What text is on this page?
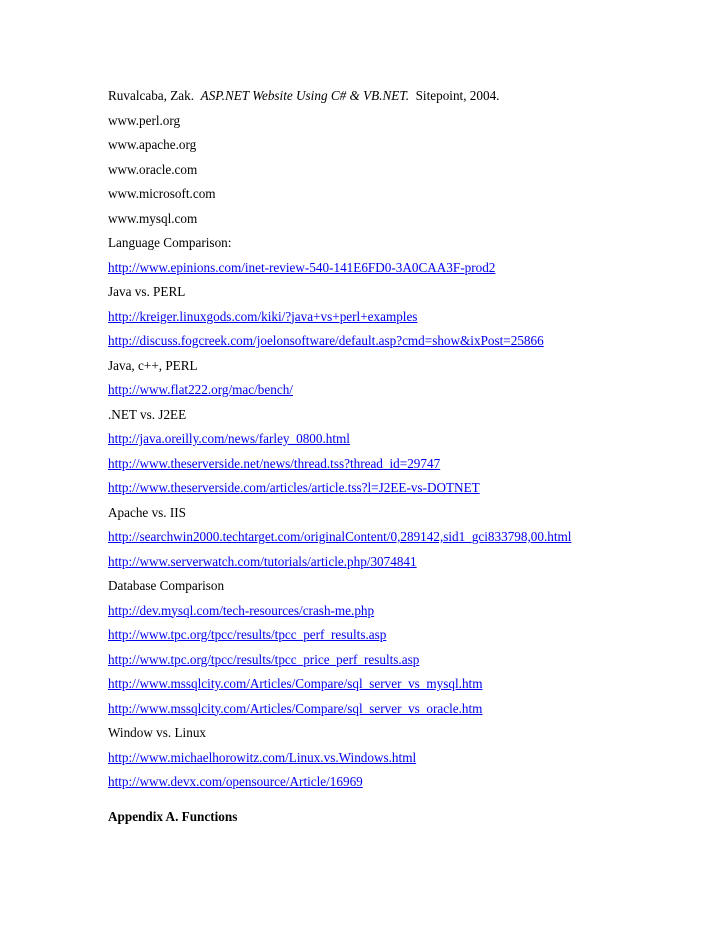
Ruvalcaba, Zak. ASP.NET Website Using C# & VB.NET. Sitepoint, 2004.
www.perl.org
www.apache.org
www.oracle.com
www.microsoft.com
www.mysql.com
Language Comparison:
http://www.epinions.com/inet-review-540-141E6FD0-3A0CAA3F-prod2
Java vs. PERL
http://kreiger.linuxgods.com/kiki/?java+vs+perl+examples
http://discuss.fogcreek.com/joelonsoftware/default.asp?cmd=show&ixPost=25866
Java, c++, PERL
http://www.flat222.org/mac/bench/
.NET vs. J2EE
http://java.oreilly.com/news/farley_0800.html
http://www.theserverside.net/news/thread.tss?thread_id=29747
http://www.theserverside.com/articles/article.tss?l=J2EE-vs-DOTNET
Apache vs. IIS
http://searchwin2000.techtarget.com/originalContent/0,289142,sid1_gci833798,00.html
http://www.serverwatch.com/tutorials/article.php/3074841
Database Comparison
http://dev.mysql.com/tech-resources/crash-me.php
http://www.tpc.org/tpcc/results/tpcc_perf_results.asp
http://www.tpc.org/tpcc/results/tpcc_price_perf_results.asp
http://www.mssqlcity.com/Articles/Compare/sql_server_vs_mysql.htm
http://www.mssqlcity.com/Articles/Compare/sql_server_vs_oracle.htm
Window vs. Linux
http://www.michaelhorowitz.com/Linux.vs.Windows.html
http://www.devx.com/opensource/Article/16969
Appendix A. Functions
